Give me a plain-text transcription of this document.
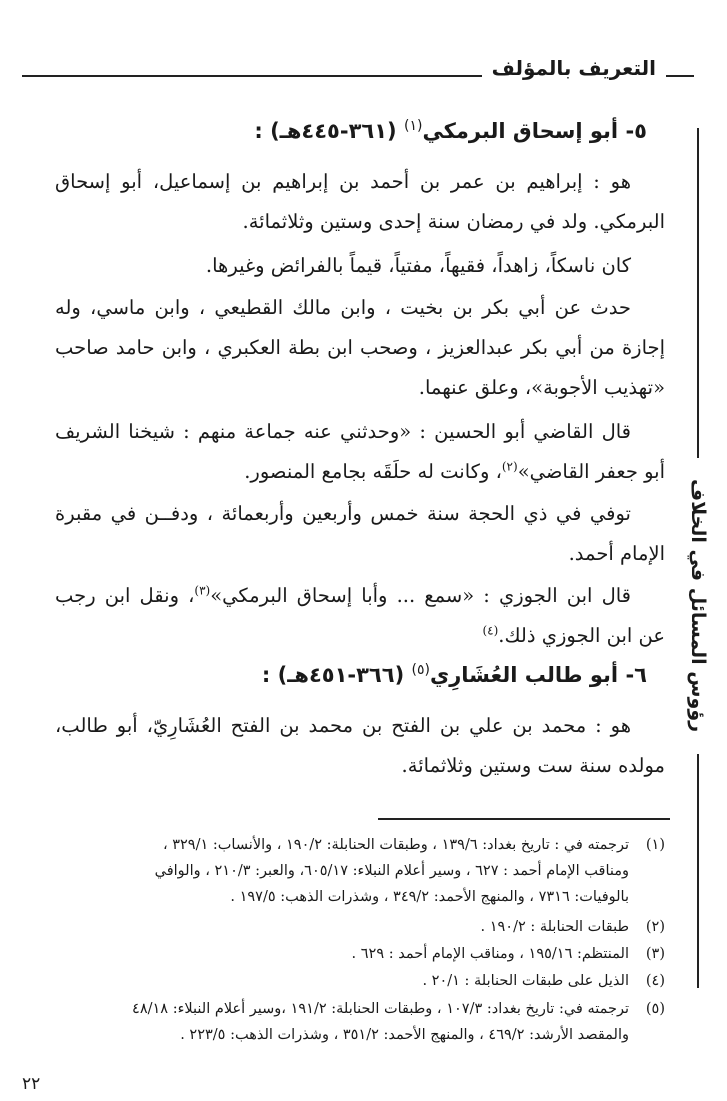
التعريف بالمؤلف
رؤوس المسائل في الخلاف
٥- أبو إسحاق البرمكي$^{(١)}$ (٣٦١-٤٤٥هـ) :
هو : إبراهيم بن عمر بن أحمد بن إبراهيم بن إسماعيل، أبو إسحاق البرمكي. ولد في رمضان سنة إحدى وستين وثلاثمائة.
كان ناسكاً، زاهداً، فقيهاً، مفتياً، قيماً بالفرائض وغيرها.
حدث عن أبي بكر بن بخيت ، وابن مالك القطيعي ، وابن ماسي، وله إجازة من أبي بكر عبدالعزيز ، وصحب ابن بطة العكبري ، وابن حامد صاحب «تهذيب الأجوبة»، وعلق عنهما.
قال القاضي أبو الحسين : «وحدثني عنه جماعة منهم : شيخنا الشريف أبو جعفر القاضي»$^{(٢)}$، وكانت له حلَقَه بجامع المنصور.
توفي في ذي الحجة سنة خمس وأربعين وأربعمائة ، ودفــن في مقبرة الإمام أحمد.
قال ابن الجوزي : «سمع ... وأبا إسحاق البرمكي»$^{(٣)}$، ونقل ابن رجب عن ابن الجوزي ذلك.$^{(٤)}$
٦- أبو طالب العُشَارِي$^{(٥)}$ (٣٦٦-٤٥١هـ) :
هو : محمد بن علي بن الفتح بن محمد بن الفتح العُشَارِيّ، أبو طالب، مولده سنة ست وستين وثلاثمائة.
(١)ترجمته في : تاريخ بغداد: ١٣٩/٦ ، وطبقات الحنابلة: ١٩٠/٢ ، والأنساب: ٣٢٩/١ ،
ومناقب الإمام أحمد : ٦٢٧ ، وسير أعلام النبلاء: ٦٠٥/١٧، والعبر: ٢١٠/٣ ، والوافي
بالوفيات: ٧٣١٦ ، والمنهج الأحمد: ٣٤٩/٢ ، وشذرات الذهب: ١٩٧/٥ .
(٢)طبقات الحنابلة : ١٩٠/٢ .
(٣)المنتظم: ١٩٥/١٦ ، ومناقب الإمام أحمد : ٦٢٩ .
(٤)الذيل على طبقات الحنابلة : ٢٠/١ .
(٥)ترجمته في: تاريخ بغداد: ١٠٧/٣ ، وطبقات الحنابلة: ١٩١/٢ ،وسير أعلام النبلاء: ٤٨/١٨
والمقصد الأرشد: ٤٦٩/٢ ، والمنهج الأحمد: ٣٥١/٢ ، وشذرات الذهب: ٢٢٣/٥ .
٢٢
